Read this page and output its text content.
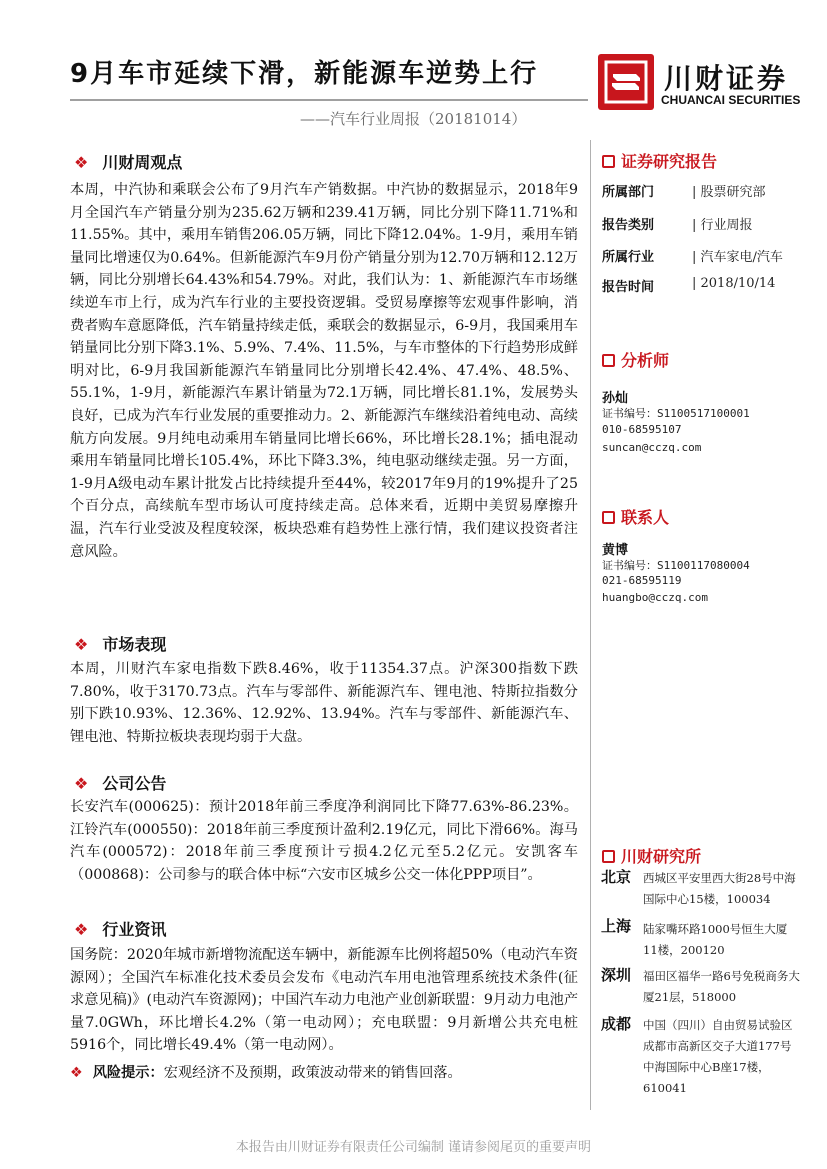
9月车市延续下滑，新能源车逆势上行
——汽车行业周报（20181014）
川财证券
CHUANCAI SECURITIES
❖ 川财周观点
本周，中汽协和乘联会公布了9月汽车产销数据。中汽协的数据显示，2018年9月全国汽车产销量分别为235.62万辆和239.41万辆，同比分别下降11.71%和11.55%。其中，乘用车销售206.05万辆，同比下降12.04%。1-9月，乘用车销量同比增速仅为0.64%。但新能源汽车9月份产销量分别为12.70万辆和12.12万辆，同比分别增长64.43%和54.79%。对此，我们认为：1、新能源汽车市场继续逆车市上行，成为汽车行业的主要投资逻辑。受贸易摩擦等宏观事件影响，消费者购车意愿降低，汽车销量持续走低，乘联会的数据显示，6-9月，我国乘用车销量同比分别下降3.1%、5.9%、7.4%、11.5%，与车市整体的下行趋势形成鲜明对比，6-9月我国新能源汽车销量同比分别增长42.4%、47.4%、48.5%、55.1%，1-9月，新能源汽车累计销量为72.1万辆，同比增长81.1%，发展势头良好，已成为汽车行业发展的重要推动力。2、新能源汽车继续沿着纯电动、高续航方向发展。9月纯电动乘用车销量同比增长66%，环比增长28.1%；插电混动乘用车销量同比增长105.4%，环比下降3.3%，纯电驱动继续走强。另一方面，1-9月A级电动车累计批发占比持续提升至44%，较2017年9月的19%提升了25个百分点，高续航车型市场认可度持续走高。总体来看，近期中美贸易摩擦升温，汽车行业受波及程度较深，板块恐难有趋势性上涨行情，我们建议投资者注意风险。
❖ 市场表现
本周，川财汽车家电指数下跌8.46%，收于11354.37点。沪深300指数下跌7.80%，收于3170.73点。汽车与零部件、新能源汽车、锂电池、特斯拉指数分别下跌10.93%、12.36%、12.92%、13.94%。汽车与零部件、新能源汽车、锂电池、特斯拉板块表现均弱于大盘。
❖ 公司公告
长安汽车(000625)：预计2018年前三季度净利润同比下降77.63%-86.23%。江铃汽车(000550)：2018年前三季度预计盈利2.19亿元，同比下滑66%。海马汽车(000572)：2018年前三季度预计亏损4.2亿元至5.2亿元。安凯客车（000868)：公司参与的联合体中标“六安市区城乡公交一体化PPP项目”。
❖ 行业资讯
国务院：2020年城市新增物流配送车辆中，新能源车比例将超50%（电动汽车资源网）；全国汽车标准化技术委员会发布《电动汽车用电池管理系统技术条件(征求意见稿)》(电动汽车资源网)；中国汽车动力电池产业创新联盟：9月动力电池产量7.0GWh，环比增长4.2%（第一电动网）；充电联盟：9月新增公共充电桩5916个，同比增长49.4%（第一电动网）。
❖ 风险提示：宏观经济不及预期，政策波动带来的销售回落。
证券研究报告
所属部门	| 股票研究部
报告类别	| 行业周报
所属行业	| 汽车家电/汽车
报告时间	| 2018/10/14
分析师
孙灿
证书编号：S1100517100001
010-68595107
suncan@cczq.com
联系人
黄博
证书编号：S1100117080004
021-68595119
huangbo@cczq.com
川财研究所
北京 西城区平安里西大街28号中海国际中心15楼，100034
上海 陆家嘴环路1000号恒生大厦11楼，200120
深圳 福田区福华一路6号免税商务大厦21层，518000
成都 中国（四川）自由贸易试验区成都市高新区交子大道177号中海国际中心B座17楼，610041
本报告由川财证券有限责任公司编制 谨请参阅尾页的重要声明
